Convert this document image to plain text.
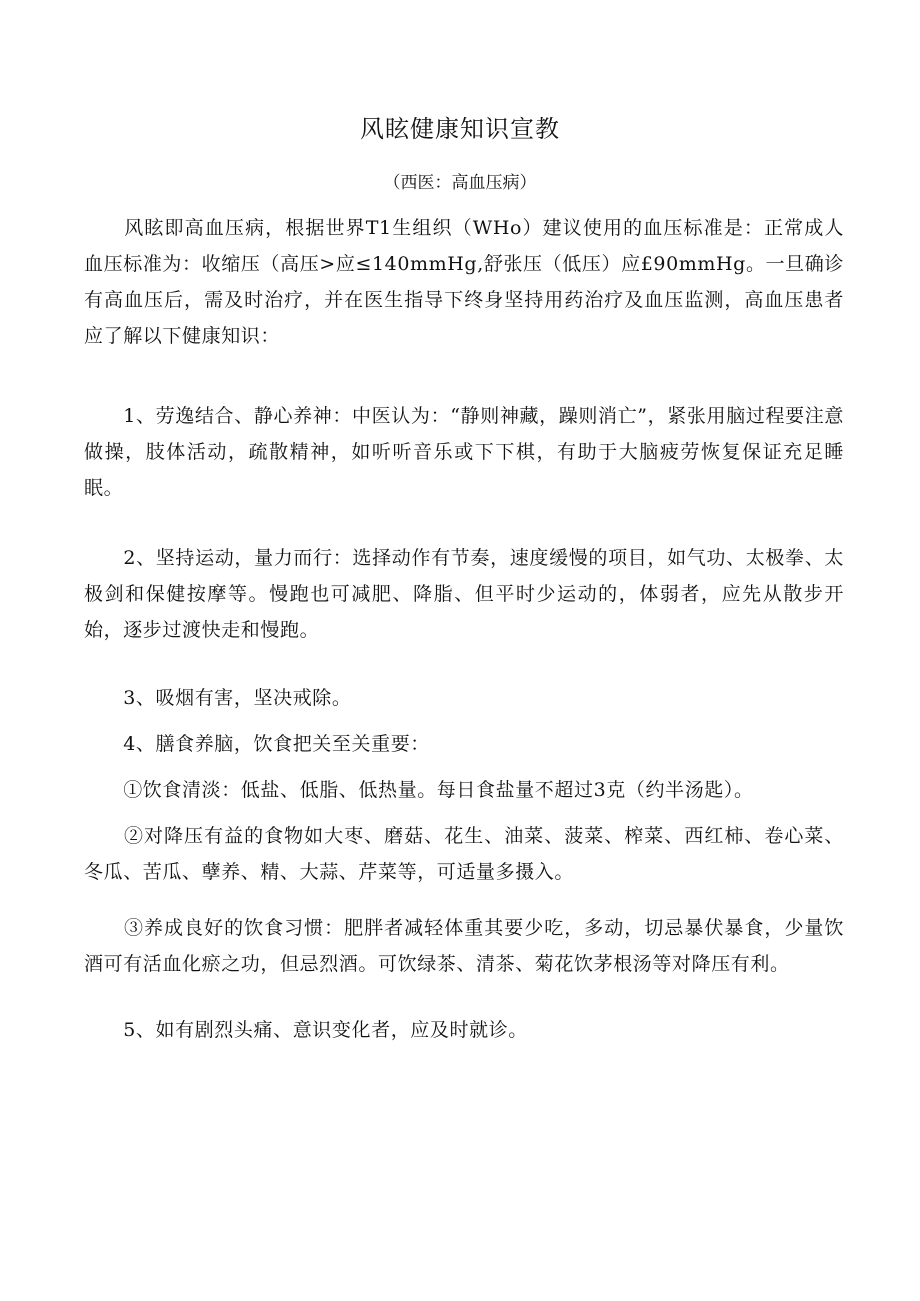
风眩健康知识宣教
（西医：高血压病）

　　风眩即高血压病，根据世界T1生组织（WHo）建议使用的血压标准是：正常成人血压标准为：收缩压（高压>应≤140mmHg,舒张压（低压）应£90mmHg。一旦确诊有高血压后，需及时治疗，并在医生指导下终身坚持用药治疗及血压监测，高血压患者应了解以下健康知识：

　　1、劳逸结合、静心养神：中医认为：“静则神藏，躁则消亡”，紧张用脑过程要注意做操，肢体活动，疏散精神，如听听音乐或下下棋，有助于大脑疲劳恢复保证充足睡眠。

　　2、坚持运动，量力而行：选择动作有节奏，速度缓慢的项目，如气功、太极拳、太极剑和保健按摩等。慢跑也可减肥、降脂、但平时少运动的，体弱者，应先从散步开始，逐步过渡快走和慢跑。

　　3、吸烟有害，坚决戒除。

　　4、膳食养脑，饮食把关至关重要：

　　①饮食清淡：低盐、低脂、低热量。每日食盐量不超过3克（约半汤匙）。

　　②对降压有益的食物如大枣、磨菇、花生、油菜、菠菜、榨菜、西红柿、卷心菜、冬瓜、苦瓜、孽养、精、大蒜、芹菜等，可适量多摄入。

　　③养成良好的饮食习惯：肥胖者减轻体重其要少吃，多动，切忌暴伏暴食，少量饮酒可有活血化瘀之功，但忌烈酒。可饮绿茶、清茶、菊花饮茅根汤等对降压有利。

　　5、如有剧烈头痛、意识变化者，应及时就诊。
